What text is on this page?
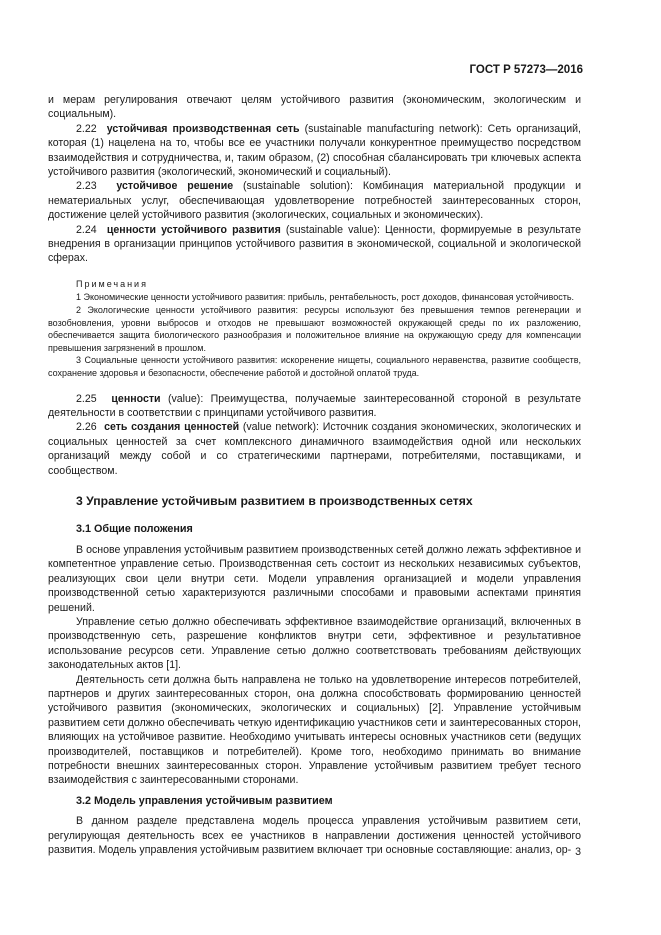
ГОСТ Р 57273—2016

и мерам регулирования отвечают целям устойчивого развития (экономическим, экологическим и социальным).

2.22 устойчивая производственная сеть (sustainable manufacturing network): Сеть организаций, которая (1) нацелена на то, чтобы все ее участники получали конкурентное преимущество посредством взаимодействия и сотрудничества, и, таким образом, (2) способная сбалансировать три ключевых аспекта устойчивого развития (экологический, экономический и социальный).

2.23 устойчивое решение (sustainable solution): Комбинация материальной продукции и нематериальных услуг, обеспечивающая удовлетворение потребностей заинтересованных сторон, достижение целей устойчивого развития (экологических, социальных и экономических).

2.24 ценности устойчивого развития (sustainable value): Ценности, формируемые в результате внедрения в организации принципов устойчивого развития в экономической, социальной и экологической сферах.

Примечания

1 Экономические ценности устойчивого развития: прибыль, рентабельность, рост доходов, финансовая устойчивость.

2 Экологические ценности устойчивого развития: ресурсы используют без превышения темпов регенерации и возобновления, уровни выбросов и отходов не превышают возможностей окружающей среды по их разложению, обеспечивается защита биологического разнообразия и положительное влияние на окружающую среду для компенсации превышения загрязнений в прошлом.

3 Социальные ценности устойчивого развития: искоренение нищеты, социального неравенства, развитие сообществ, сохранение здоровья и безопасности, обеспечение работой и достойной оплатой труда.

2.25 ценности (value): Преимущества, получаемые заинтересованной стороной в результате деятельности в соответствии с принципами устойчивого развития.

2.26 сеть создания ценностей (value network): Источник создания экономических, экологических и социальных ценностей за счет комплексного динамичного взаимодействия одной или нескольких организаций между собой и со стратегическими партнерами, потребителями, поставщиками, и сообществом.

3 Управление устойчивым развитием в производственных сетях
3.1 Общие положения

В основе управления устойчивым развитием производственных сетей должно лежать эффективное и компетентное управление сетью. Производственная сеть состоит из нескольких независимых субъектов, реализующих свои цели внутри сети. Модели управления организацией и модели управления производственной сетью характеризуются различными способами и правовыми аспектами принятия решений.

Управление сетью должно обеспечивать эффективное взаимодействие организаций, включенных в производственную сеть, разрешение конфликтов внутри сети, эффективное и результативное использование ресурсов сети. Управление сетью должно соответствовать требованиям действующих законодательных актов [1].

Деятельность сети должна быть направлена не только на удовлетворение интересов потребителей, партнеров и других заинтересованных сторон, она должна способствовать формированию ценностей устойчивого развития (экономических, экологических и социальных) [2]. Управление устойчивым развитием сети должно обеспечивать четкую идентификацию участников сети и заинтересованных сторон, влияющих на устойчивое развитие. Необходимо учитывать интересы основных участников сети (ведущих производителей, поставщиков и потребителей). Кроме того, необходимо принимать во внимание потребности внешних заинтересованных сторон. Управление устойчивым развитием требует тесного взаимодействия с заинтересованными сторонами.

3.2 Модель управления устойчивым развитием

В данном разделе представлена модель процесса управления устойчивым развитием сети, регулирующая деятельность всех ее участников в направлении достижения ценностей устойчивого развития. Модель управления устойчивым развитием включает три основные составляющие: анализ, ор- 3
